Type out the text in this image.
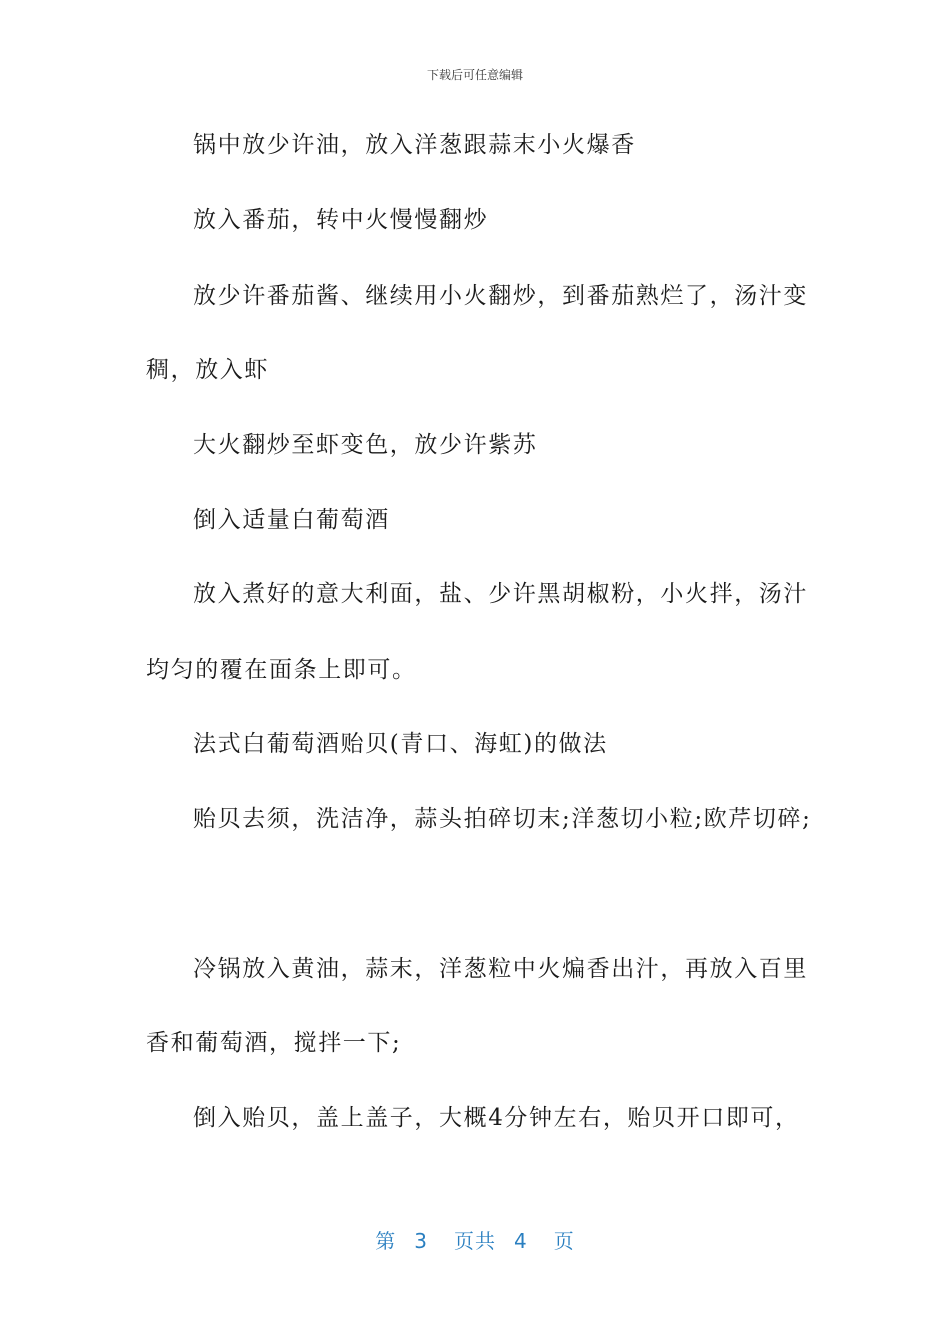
下载后可任意编辑
锅中放少许油，放入洋葱跟蒜末小火爆香
放入番茄，转中火慢慢翻炒
放少许番茄酱、继续用小火翻炒，到番茄熟烂了，汤汁变
稠，放入虾
大火翻炒至虾变色，放少许紫苏
倒入适量白葡萄酒
放入煮好的意大利面，盐、少许黑胡椒粉，小火拌，汤汁
均匀的覆在面条上即可。
法式白葡萄酒贻贝(青口、海虹)的做法
贻贝去须，洗洁净，蒜头拍碎切末;洋葱切小粒;欧芹切碎;
冷锅放入黄油，蒜末，洋葱粒中火煸香出汁，再放入百里
香和葡萄酒，搅拌一下;
倒入贻贝，盖上盖子，大概4分钟左右，贻贝开口即可，
第 3 页共 4 页
